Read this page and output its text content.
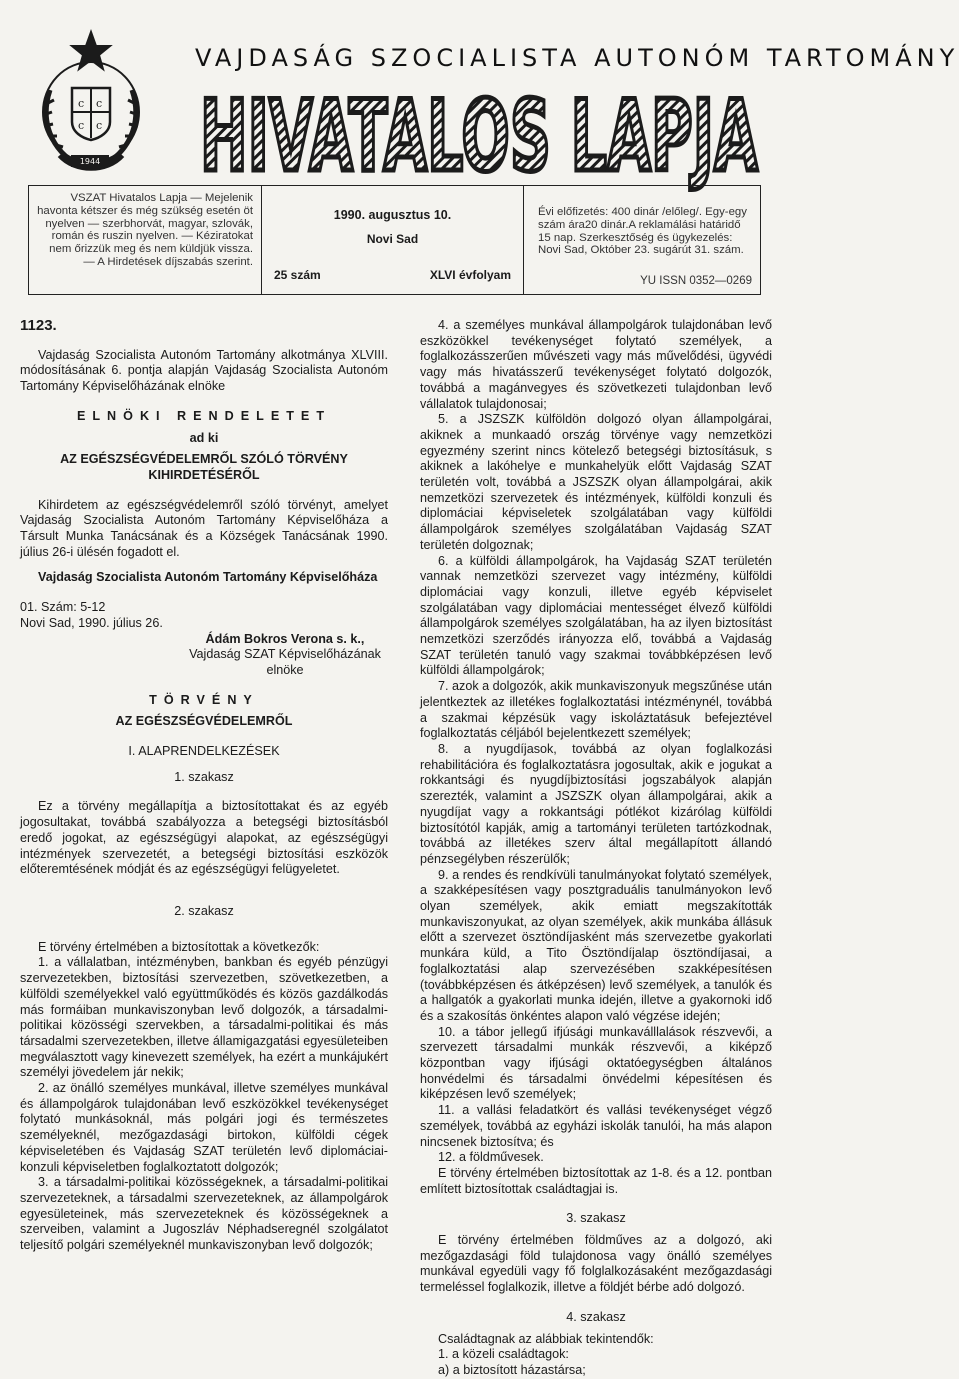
с с
с с
1944
VAJDASÁG SZOCIALISTA AUTONÓM TARTOMÁNY
HIVATALOS LAPJA
VSZAT Hivatalos Lapja — Mejelenik havonta kétszer és még szükség esetén öt nyelven — szerbhorvát, magyar, szlovák, román és ruszin nyelven. — Kéziratokat nem őrizzük meg és nem küldjük vissza. — A Hirdetések díjszabás szerint.
1990. augusztus 10.
Novi Sad
25 szám	XLVI évfolyam
Évi előfizetés: 400 dinár /előleg/. Egy-egy szám ára20 dinár.A reklamálási határidő 15 nap. Szerkesztőség és ügykezelés: Novi Sad, Október 23. sugárút 31. szám.
YU ISSN 0352—0269

1123.

Vajdaság Szocialista Autonóm Tartomány alkotmánya XLVIII. módosításának 6. pontja alapján Vajdaság Szocialista Autonóm Tartomány Képviselőházának elnöke

ELNÖKI RENDELETET

ad ki

AZ EGÉSZSÉGVÉDELEMRŐL SZÓLÓ TÖRVÉNY KIHIRDETÉSÉRŐL

Kihirdetem az egészségvédelemről szóló törvényt, amelyet Vajdaság Szocialista Autonóm Tartomány Képviselőháza a Társult Munka Tanácsának és a Községek Tanácsának 1990. július 26-i ülésén fogadott el.

Vajdaság Szocialista Autonóm Tartomány Képviselőháza

01. Szám: 5-12

Novi Sad, 1990. július 26.

Ádám Bokros Verona s. k.,

Vajdaság SZAT Képviselőházának

elnöke

TÖRVÉNY

AZ EGÉSZSÉGVÉDELEMRŐL

I. ALAPRENDELKEZÉSEK

1. szakasz

Ez a törvény megállapítja a biztosítottakat és az egyéb jogosultakat, továbbá szabályozza a betegségi biztosításból eredő jogokat, az egészségügyi alapokat, az egészségügyi intézmények szervezetét, a betegségi biztosítási eszközök előteremtésének módját és az egészségügyi felügyeletet.

2. szakasz

E törvény értelmében a biztosítottak a következők:

1. a vállalatban, intézményben, bankban és egyéb pénzügyi szervezetekben, biztosítási szervezetben, szövetkezetben, a külföldi személyekkel való együttműködés és közös gazdálkodás más formáiban munkaviszonyban levő dolgozók, a társadalmi-politikai közösségi szervekben, a társadalmi-politikai és más társadalmi szervezetekben, illetve államigazgatási egyesületeiben megválasztott vagy kinevezett személyek, ha ezért a munkájukért személyi jövedelem jár nekik;

2. az önálló személyes munkával, illetve személyes munkával és állampolgárok tulajdonában levő eszközökkel tevékenységet folytató munkásoknál, más polgári jogi és természetes személyeknél, mezőgazdasági birtokon, külföldi cégek képviseletében és Vajdaság SZAT területén levő diplomáciai-konzuli képviseletben foglalkoztatott dolgozók;

3. a társadalmi-politikai közösségeknek, a társadalmi-politikai szervezeteknek, a társadalmi szervezeteknek, az állampolgárok egyesületeinek, más szervezeteknek és közösségeknek a szerveiben, valamint a Jugoszláv Néphadseregnél szolgálatot teljesítő polgári személyeknél munkaviszonyban levő dolgozók;

4. a személyes munkával állampolgárok tulajdonában levő eszközökkel tevékenységet folytató személyek, a foglalkozásszerűen művészeti vagy más művelődési, ügyvédi vagy más hivatásszerű tevékenységet folytató dolgozók, továbbá a magánvegyes és szövetkezeti tulajdonban levő vállalatok tulajdonosai;

5. a JSZSZK külföldön dolgozó olyan állampolgárai, akiknek a munkaadó ország törvénye vagy nemzetközi egyezmény szerint nincs kötelező betegségi biztosításuk, s akiknek a lakóhelye e munkahelyük előtt Vajdaság SZAT területén volt, továbbá a JSZSZK olyan állampolgárai, akik nemzetközi szervezetek és intézmények, külföldi konzuli és diplomáciai képviseletek szolgálatában vagy külföldi állampolgárok személyes szolgálatában Vajdaság SZAT területén dolgoznak;

6. a külföldi állampolgárok, ha Vajdaság SZAT területén vannak nemzetközi szervezet vagy intézmény, külföldi diplomáciai vagy konzuli, illetve egyéb képviselet szolgálatában vagy diplomáciai mentességet élvező külföldi állampolgárok személyes szolgálatában, ha az ilyen biztosítást nemzetközi szerződés irányozza elő, továbbá a Vajdaság SZAT területén tanuló vagy szakmai továbbképzésen levő külföldi állampolgárok;

7. azok a dolgozók, akik munkaviszonyuk megszűnése után jelentkeztek az illetékes foglalkoztatási intézménynél, továbbá a szakmai képzésük vagy iskoláztatásuk befejeztével foglalkoztatás céljából bejelentkezett személyek;

8. a nyugdíjasok, továbbá az olyan foglalkozási rehabilitációra és foglalkoztatásra jogosultak, akik e jogukat a rokkantsági és nyugdíjbiztosítási jogszabályok alapján szerezték, valamint a JSZSZK olyan állampolgárai, akik a nyugdíjat vagy a rokkantsági pótlékot kizárólag külföldi biztosítótól kapják, amig a tartományi területen tartózkodnak, továbbá az illetékes szerv által megállapított állandó pénzsegélyben részerülők;

9. a rendes és rendkívüli tanulmányokat folytató személyek, a szakképesítésen vagy posztgraduális tanulmányokon levő olyan személyek, akik emiatt megszakították munkaviszonyukat, az olyan személyek, akik munkába állásuk előtt a szervezet ösztöndíjasként más szervezetbe gyakorlati munkára küld, a Tito Ösztöndíjalap ösztöndíjasai, a foglalkoztatási alap szervezésében szakképesítésen (továbbképzésen és átképzésen) levő személyek, a tanulók és a hallgatók a gyakorlati munka idején, illetve a gyakornoki idő és a szakosítás önkéntes alapon való végzése idején;

10. a tábor jellegű ifjúsági munkaválllalások részvevői, a szervezett társadalmi munkák részvevői, a kiképző központban vagy ifjúsági oktatóegységben általános honvédelmi és társadalmi önvédelmi képesítésen és kiképzésen levő személyek;

11. a vallási feladatkört és vallási tevékenységet végző személyek, továbbá az egyházi iskolák tanulói, ha más alapon nincsenek biztosítva; és

12. a földművesek.

E törvény értelmében biztosítottak az 1-8. és a 12. pontban említett biztosítottak családtagjai is.

3. szakasz

E törvény értelmében földműves az a dolgozó, aki mezőgazdasági föld tulajdonosa vagy önálló személyes munkával egyedüli vagy fő folglalkozásaként mezőgazdasági termeléssel foglalkozik, illetve a földjét bérbe adó dolgozó.

4. szakasz

Családtagnak az alábbiak tekintendők:

1. a közeli családtagok:

a) a biztosított házastársa;
